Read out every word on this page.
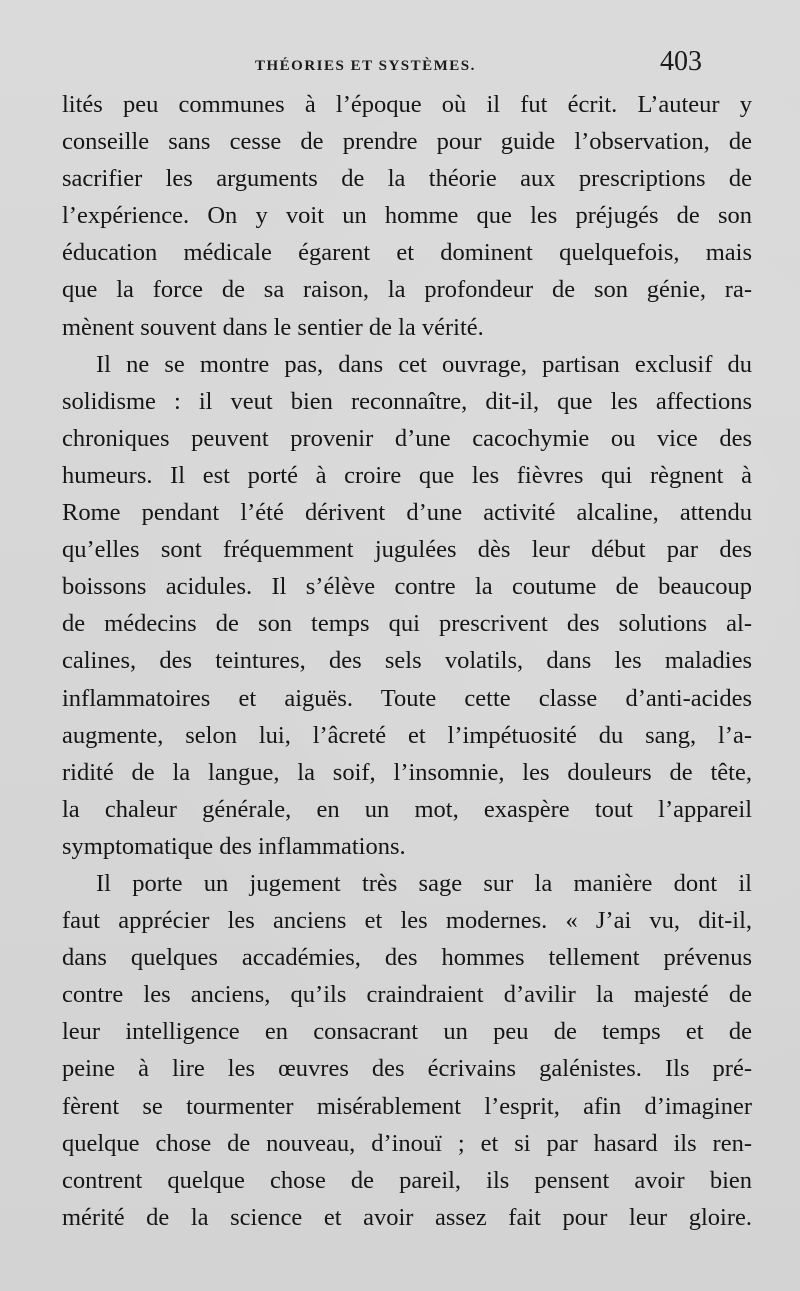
THÉORIES ET SYSTÈMES.	403
lités peu communes à l’époque où il fut écrit. L’auteur y
conseille sans cesse de prendre pour guide l’observation, de
sacrifier les arguments de la théorie aux prescriptions de
l’expérience. On y voit un homme que les préjugés de son
éducation médicale égarent et dominent quelquefois, mais
que la force de sa raison, la profondeur de son génie, ra-
mènent souvent dans le sentier de la vérité.
Il ne se montre pas, dans cet ouvrage, partisan exclusif du
solidisme : il veut bien reconnaître, dit-il, que les affections
chroniques peuvent provenir d’une cacochymie ou vice des
humeurs. Il est porté à croire que les fièvres qui règnent à
Rome pendant l’été dérivent d’une activité alcaline, attendu
qu’elles sont fréquemment jugulées dès leur début par des
boissons acidules. Il s’élève contre la coutume de beaucoup
de médecins de son temps qui prescrivent des solutions al-
calines, des teintures, des sels volatils, dans les maladies
inflammatoires et aiguës. Toute cette classe d’anti-acides
augmente, selon lui, l’âcreté et l’impétuosité du sang, l’a-
ridité de la langue, la soif, l’insomnie, les douleurs de tête,
la chaleur générale, en un mot, exaspère tout l’appareil
symptomatique des inflammations.
Il porte un jugement très sage sur la manière dont il
faut apprécier les anciens et les modernes. « J’ai vu, dit-il,
dans quelques accadémies, des hommes tellement prévenus
contre les anciens, qu’ils craindraient d’avilir la majesté de
leur intelligence en consacrant un peu de temps et de
peine à lire les œuvres des écrivains galénistes. Ils pré-
fèrent se tourmenter misérablement l’esprit, afin d’imaginer
quelque chose de nouveau, d’inouï ; et si par hasard ils ren-
contrent quelque chose de pareil, ils pensent avoir bien
mérité de la science et avoir assez fait pour leur gloire.
